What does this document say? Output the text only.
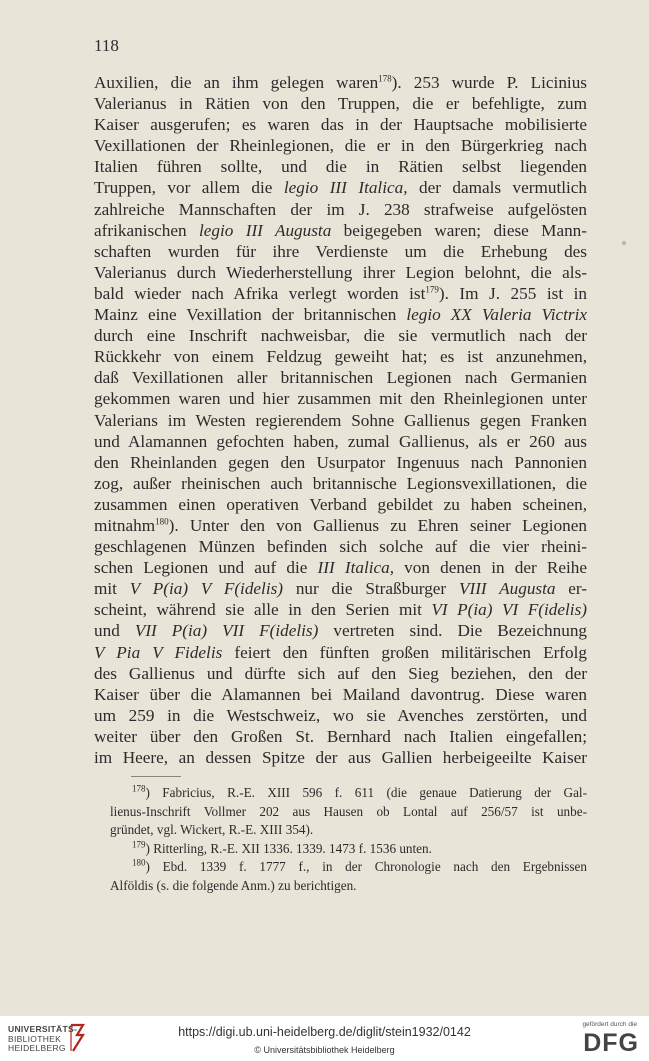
118
Auxilien, die an ihm gelegen waren$^{178}$). 253 wurde P. Licinius
Valerianus in Rätien von den Truppen, die er befehligte, zum
Kaiser ausgerufen; es waren das in der Hauptsache mobilisierte
Vexillationen der Rheinlegionen, die er in den Bürgerkrieg nach
Italien führen sollte, und die in Rätien selbst liegenden
Truppen, vor allem die legio III Italica, der damals vermutlich
zahlreiche Mannschaften der im J. 238 strafweise aufgelösten
afrikanischen legio III Augusta beigegeben waren; diese Mann-
schaften wurden für ihre Verdienste um die Erhebung des
Valerianus durch Wiederherstellung ihrer Legion belohnt, die als-
bald wieder nach Afrika verlegt worden ist$^{179}$). Im J. 255 ist in
Mainz eine Vexillation der britannischen legio XX Valeria Victrix
durch eine Inschrift nachweisbar, die sie vermutlich nach der
Rückkehr von einem Feldzug geweiht hat; es ist anzunehmen,
daß Vexillationen aller britannischen Legionen nach Germanien
gekommen waren und hier zusammen mit den Rheinlegionen unter
Valerians im Westen regierendem Sohne Gallienus gegen Franken
und Alamannen gefochten haben, zumal Gallienus, als er 260 aus
den Rheinlanden gegen den Usurpator Ingenuus nach Pannonien
zog, außer rheinischen auch britannische Legionsvexillationen, die
zusammen einen operativen Verband gebildet zu haben scheinen,
mitnahm$^{180}$). Unter den von Gallienus zu Ehren seiner Legionen
geschlagenen Münzen befinden sich solche auf die vier rheini-
schen Legionen und auf die III Italica, von denen in der Reihe
mit V P(ia) V F(idelis) nur die Straßburger VIII Augusta er-
scheint, während sie alle in den Serien mit VI P(ia) VI F(idelis)
und VII P(ia) VII F(idelis) vertreten sind. Die Bezeichnung
V Pia V Fidelis feiert den fünften großen militärischen Erfolg
des Gallienus und dürfte sich auf den Sieg beziehen, den der
Kaiser über die Alamannen bei Mailand davontrug. Diese waren
um 259 in die Westschweiz, wo sie Avenches zerstörten, und
weiter über den Großen St. Bernhard nach Italien eingefallen;
im Heere, an dessen Spitze der aus Gallien herbeigeeilte Kaiser
$^{178}$) Fabricius, R.-E. XIII 596 f. 611 (die genaue Datierung der Gal-
lienus-Inschrift Vollmer 202 aus Hausen ob Lontal auf 256/57 ist unbe-
gründet, vgl. Wickert, R.-E. XIII 354).
$^{179}$) Ritterling, R.-E. XII 1336. 1339. 1473 f. 1536 unten.
$^{180}$) Ebd. 1339 f. 1777 f., in der Chronologie nach den Ergebnissen
Alföldis (s. die folgende Anm.) zu berichtigen.
UNIVERSITÄTS-
BIBLIOTHEK
HEIDELBERG
https://digi.ub.uni-heidelberg.de/diglit/stein1932/0142
© Universitätsbibliothek Heidelberg
gefördert durch die
DFG
